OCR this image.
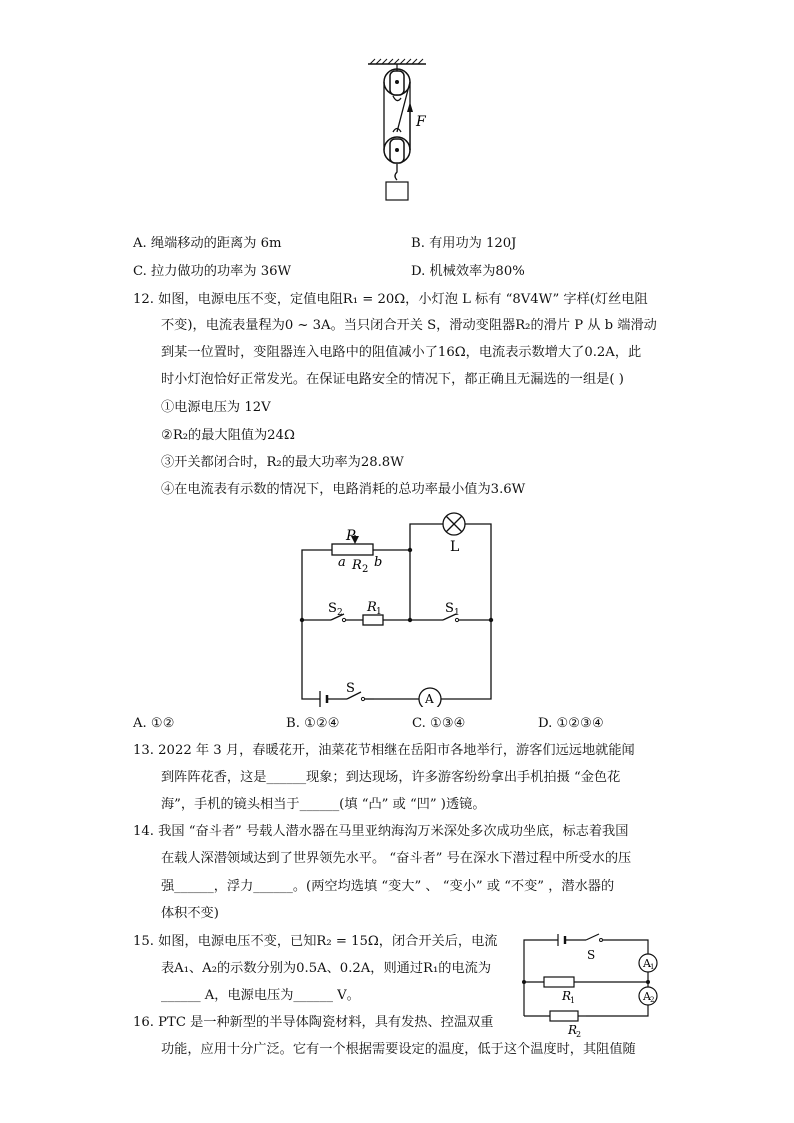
F
A. 绳端移动的距离为 6m	B. 有用功为 120J
C. 拉力做功的功率为 36W	D. 机械效率为80%
12. 如图，电源电压不变，定值电阻R₁ = 20Ω，小灯泡 L 标有 “8V4W” 字样(灯丝电阻
不变)，电流表量程为0 ~ 3A。当只闭合开关 S，滑动变阻器R₂的滑片 P 从 b 端滑动
到某一位置时，变阻器连入电路中的阻值减小了16Ω，电流表示数增大了0.2A，此
时小灯泡恰好正常发光。在保证电路安全的情况下，都正确且无漏选的一组是( )
①电源电压为 12V
②R₂的最大阻值为24Ω
③开关都闭合时，R₂的最大功率为28.8W
④在电流表有示数的情况下，电路消耗的总功率最小值为3.6W
P
a R 2 b
L
S 2 R 1	S 1
S
A
A. ①②	B. ①②④	C. ①③④	D. ①②③④
13. 2022 年 3 月，春暖花开，油菜花节相继在岳阳市各地举行，游客们远远地就能闻
到阵阵花香，这是______现象；到达现场，许多游客纷纷拿出手机拍摄 “金色花
海”，手机的镜头相当于______(填 “凸” 或 “凹” )透镜。
14. 我国 “奋斗者” 号载人潜水器在马里亚纳海沟万米深处多次成功坐底，标志着我国
在载人深潜领域达到了世界领先水平。 “奋斗者” 号在深水下潜过程中所受水的压
强______，浮力______。(两空均选填 “变大” 、 “变小” 或 “不变” ，潜水器的
体积不变)
15. 如图，电源电压不变，已知R₂ = 15Ω，闭合开关后，电流
表A₁、A₂的示数分别为0.5A、0.2A，则通过R₁的电流为
______ A，电源电压为______ V。
S
A 1
A 2
R
1
R
2
16. PTC 是一种新型的半导体陶瓷材料，具有发热、控温双重
功能，应用十分广泛。它有一个根据需要设定的温度，低于这个温度时，其阻值随
